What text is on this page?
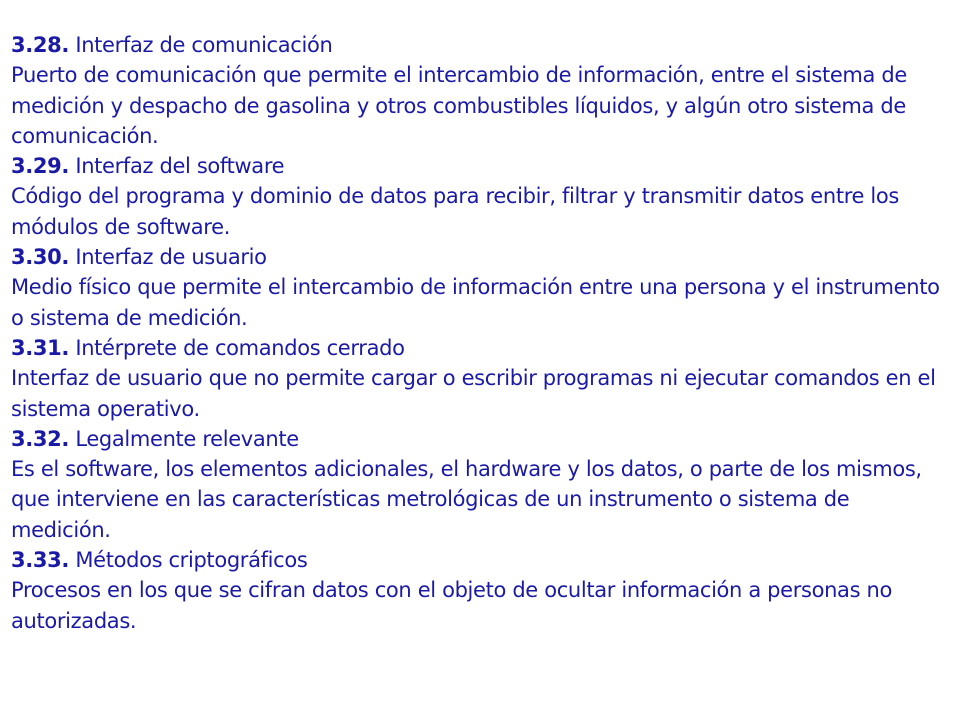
3.28. Interfaz de comunicación

Puerto de comunicación que permite el intercambio de información, entre el sistema de medición y despacho de gasolina y otros combustibles líquidos, y algún otro sistema de comunicación.

3.29. Interfaz del software

Código del programa y dominio de datos para recibir, filtrar y transmitir datos entre los módulos de software.

3.30. Interfaz de usuario

Medio físico que permite el intercambio de información entre una persona y el instrumento o sistema de medición.

3.31. Intérprete de comandos cerrado

Interfaz de usuario que no permite cargar o escribir programas ni ejecutar comandos en el sistema operativo.

3.32. Legalmente relevante

Es el software, los elementos adicionales, el hardware y los datos, o parte de los mismos, que interviene en las características metrológicas de un instrumento o sistema de medición.

3.33. Métodos criptográficos

Procesos en los que se cifran datos con el objeto de ocultar información a personas no autorizadas.
